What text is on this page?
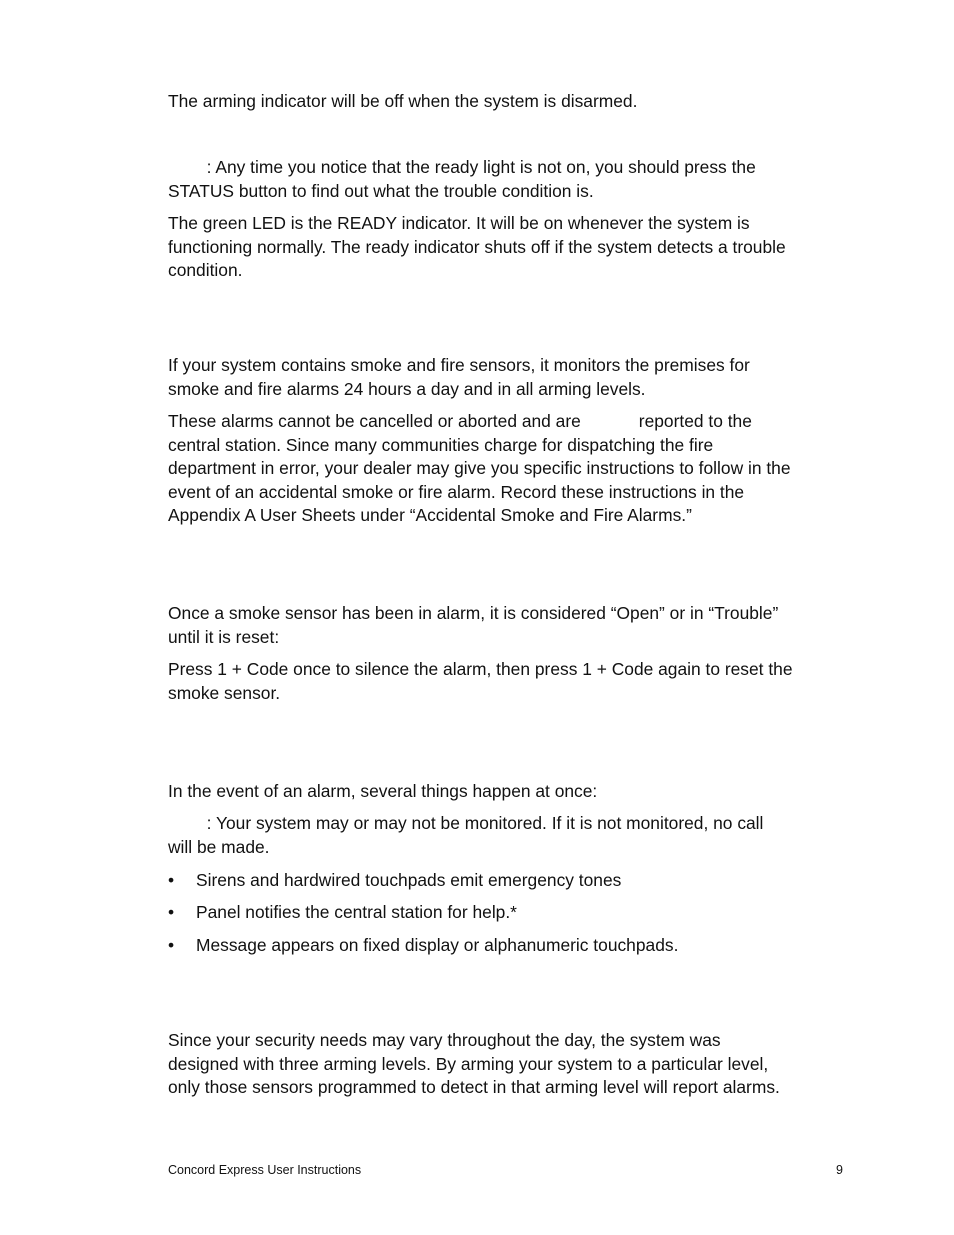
The arming indicator will be off when the system is disarmed.

: Any time you notice that the ready light is not on, you should press the
STATUS button to find out what the trouble condition is.

The green LED is the READY indicator. It will be on whenever the system is
functioning normally. The ready indicator shuts off if the system detects a trouble
condition.

If your system contains smoke and fire sensors, it monitors the premises for
smoke and fire alarms 24 hours a day and in all arming levels.

These alarms cannot be cancelled or aborted and are            reported to the
central station. Since many communities charge for dispatching the fire
department in error, your dealer may give you specific instructions to follow in the
event of an accidental smoke or fire alarm. Record these instructions in the
Appendix A User Sheets under “Accidental Smoke and Fire Alarms.”

Once a smoke sensor has been in alarm, it is considered “Open” or in “Trouble”
until it is reset:

Press 1 + Code once to silence the alarm, then press 1 + Code again to reset the
smoke sensor.

In the event of an alarm, several things happen at once:

: Your system may or may not be monitored. If it is not monitored, no call
will be made.

• Sirens and hardwired touchpads emit emergency tones
• Panel notifies the central station for help.*
• Message appears on fixed display or alphanumeric touchpads.

Since your security needs may vary throughout the day, the system was
designed with three arming levels. By arming your system to a particular level,
only those sensors programmed to detect in that arming level will report alarms.

Concord Express User Instructions	9
